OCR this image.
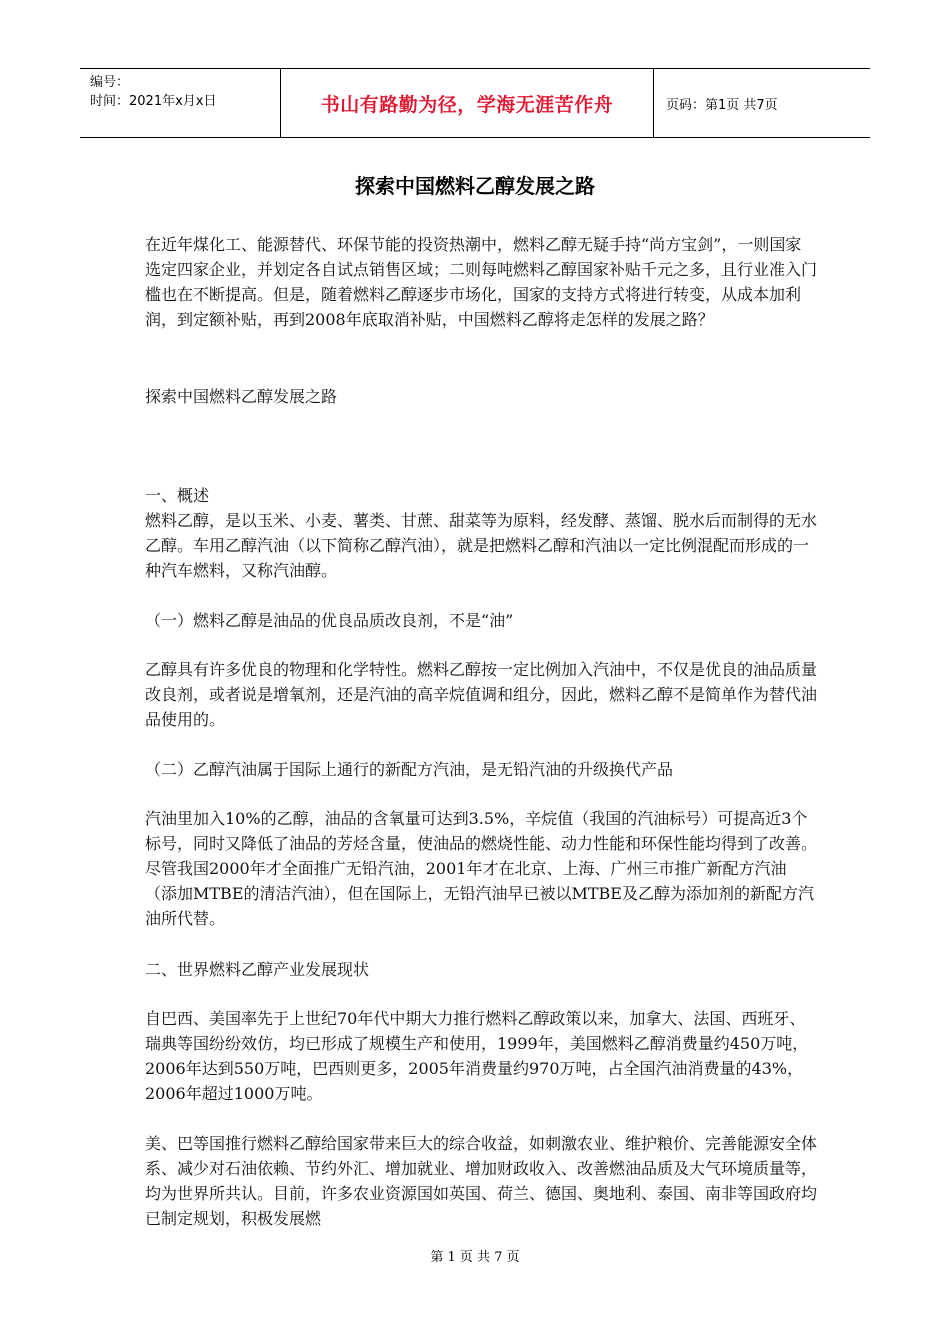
编号：
时间：2021年x月x日	书山有路勤为径，学海无涯苦作舟	页码：第1页 共7页
探索中国燃料乙醇发展之路

在近年煤化工、能源替代、环保节能的投资热潮中，燃料乙醇无疑手持“尚方宝剑”，一则国家选定四家企业，并划定各自试点销售区域；二则每吨燃料乙醇国家补贴千元之多，且行业准入门槛也在不断提高。但是，随着燃料乙醇逐步市场化，国家的支持方式将进行转变，从成本加利润，到定额补贴，再到2008年底取消补贴，中国燃料乙醇将走怎样的发展之路？

探索中国燃料乙醇发展之路

一、概述

燃料乙醇，是以玉米、小麦、薯类、甘蔗、甜菜等为原料，经发酵、蒸馏、脱水后而制得的无水乙醇。车用乙醇汽油（以下简称乙醇汽油），就是把燃料乙醇和汽油以一定比例混配而形成的一种汽车燃料，又称汽油醇。

（一）燃料乙醇是油品的优良品质改良剂，不是“油”

乙醇具有许多优良的物理和化学特性。燃料乙醇按一定比例加入汽油中，不仅是优良的油品质量改良剂，或者说是增氧剂，还是汽油的高辛烷值调和组分，因此，燃料乙醇不是简单作为替代油品使用的。

（二）乙醇汽油属于国际上通行的新配方汽油，是无铅汽油的升级换代产品

汽油里加入10%的乙醇，油品的含氧量可达到3.5%，辛烷值（我国的汽油标号）可提高近3个标号，同时又降低了油品的芳烃含量，使油品的燃烧性能、动力性能和环保性能均得到了改善。尽管我国2000年才全面推广无铅汽油，2001年才在北京、上海、广州三市推广新配方汽油（添加MTBE的清洁汽油），但在国际上，无铅汽油早已被以MTBE及乙醇为添加剂的新配方汽油所代替。

二、世界燃料乙醇产业发展现状

自巴西、美国率先于上世纪70年代中期大力推行燃料乙醇政策以来，加拿大、法国、西班牙、瑞典等国纷纷效仿，均已形成了规模生产和使用，1999年，美国燃料乙醇消费量约450万吨，2006年达到550万吨，巴西则更多，2005年消费量约970万吨，占全国汽油消费量的43%，2006年超过1000万吨。

美、巴等国推行燃料乙醇给国家带来巨大的综合收益，如刺激农业、维护粮价、完善能源安全体系、减少对石油依赖、节约外汇、增加就业、增加财政收入、改善燃油品质及大气环境质量等，均为世界所共认。目前，许多农业资源国如英国、荷兰、德国、奥地利、泰国、南非等国政府均已制定规划，积极发展燃

第 1 页 共 7 页
